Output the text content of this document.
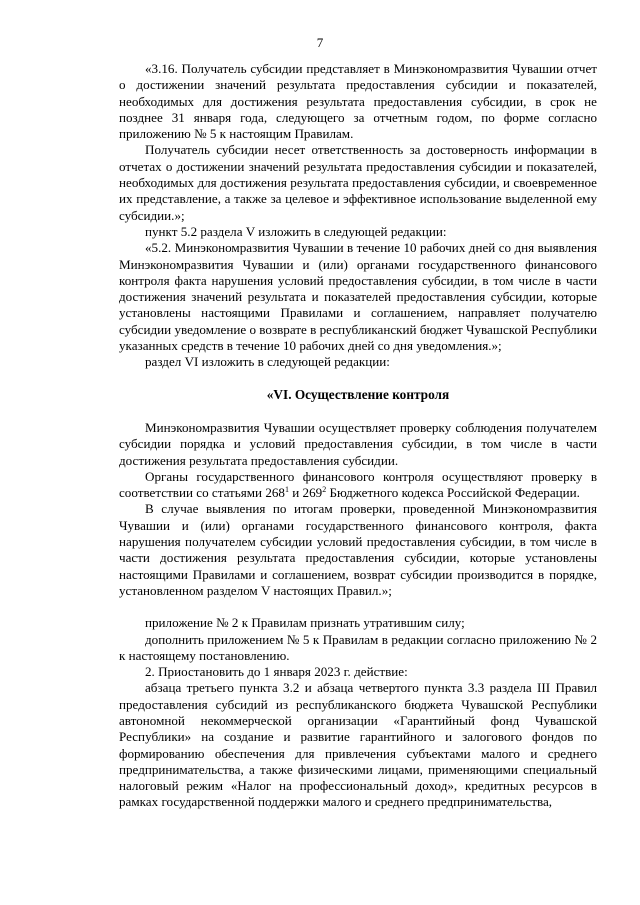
7

«3.16. Получатель субсидии представляет в Минэкономразвития Чувашии отчет о достижении значений результата предоставления субсидии и показателей, необходимых для достижения результата предоставления субсидии, в срок не позднее 31 января года, следующего за отчетным годом, по форме согласно приложению № 5 к настоящим Правилам.

Получатель субсидии несет ответственность за достоверность информации в отчетах о достижении значений результата предоставления субсидии и показателей, необходимых для достижения результата предоставления субсидии, и своевременное их представление, а также за целевое и эффективное использование выделенной ему субсидии.»;

пункт 5.2 раздела V изложить в следующей редакции:

«5.2. Минэкономразвития Чувашии в течение 10 рабочих дней со дня выявления Минэкономразвития Чувашии и (или) органами государственного финансового контроля факта нарушения условий предоставления субсидии, в том числе в части достижения значений результата и показателей предоставления субсидии, которые установлены настоящими Правилами и соглашением, направляет получателю субсидии уведомление о возврате в республиканский бюджет Чувашской Республики указанных средств в течение 10 рабочих дней со дня уведомления.»;

раздел VI изложить в следующей редакции:

«VI. Осуществление контроля

Минэкономразвития Чувашии осуществляет проверку соблюдения получателем субсидии порядка и условий предоставления субсидии, в том числе в части достижения результата предоставления субсидии.

Органы государственного финансового контроля осуществляют проверку в соответствии со статьями $268^1$ и $269^2$ Бюджетного кодекса Российской Федерации.

В случае выявления по итогам проверки, проведенной Минэкономразвития Чувашии и (или) органами государственного финансового контроля, факта нарушения получателем субсидии условий предоставления субсидии, в том числе в части достижения результата предоставления субсидии, которые установлены настоящими Правилами и соглашением, возврат субсидии производится в порядке, установленном разделом V настоящих Правил.»;

приложение № 2 к Правилам признать утратившим силу;

дополнить приложением № 5 к Правилам в редакции согласно приложению № 2 к настоящему постановлению.

2. Приостановить до 1 января 2023 г. действие:

абзаца третьего пункта 3.2 и абзаца четвертого пункта 3.3 раздела III Правил предоставления субсидий из республиканского бюджета Чувашской Республики автономной некоммерческой организации «Гарантийный фонд Чувашской Республики» на создание и развитие гарантийного и залогового фондов по формированию обеспечения для привлечения субъектами малого и среднего предпринимательства, а также физическими лицами, применяющими специальный налоговый режим «Налог на профессиональный доход», кредитных ресурсов в рамках государственной поддержки малого и среднего предпринимательства,
